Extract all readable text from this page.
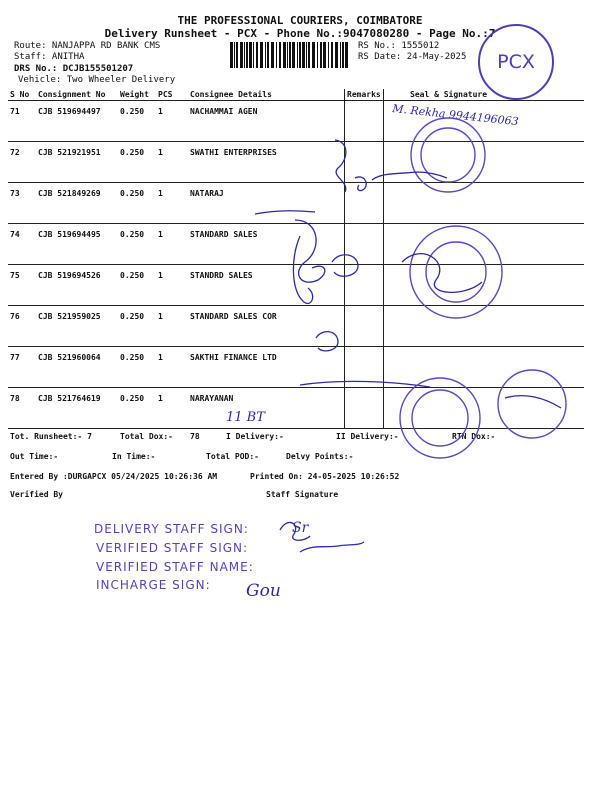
THE PROFESSIONAL COURIERS, COIMBATORE
Delivery Runsheet - PCX - Phone No.:9047080280 - Page No.:7
Route: NANJAPPA RD BANK CMS
Staff: ANITHA
DRS No.: DCJB155501207
Vehicle: Two Wheeler Delivery
RS No.: 1555012
RS Date: 24-May-2025	PCX
S No	Consignment No	Weight	PCS	Consignee Details	Remarks	Seal & Signature
71	CJB 519694497	0.250	1	NACHAMMAI AGEN		
72	CJB 521921951	0.250	1	SWATHI ENTERPRISES		
73	CJB 521849269	0.250	1	NATARAJ		
74	CJB 519694495	0.250	1	STANDARD SALES		
75	CJB 519694526	0.250	1	STANDRD SALES		
76	CJB 521959025	0.250	1	STANDARD SALES COR		
77	CJB 521960064	0.250	1	SAKTHI FINANCE LTD		
78	CJB 521764619	0.250	1	NARAYANAN		
Tot. Runsheet:- 7	Total Dox:- 78	I Delivery:-	II Delivery:-	RTN Dox:-
Out Time:-	In Time:-	Total POD:-	Delvy Points:-
Entered By :DURGAPCX 05/24/2025 10:26:36 AM	Printed On: 24-05-2025 10:26:52
Verified By	Staff Signature
DELIVERY STAFF SIGN:
VERIFIED STAFF SIGN:
VERIFIED STAFF NAME:
INCHARGE SIGN:
M. Rekha 9944196063
11 BT
Sr
Gou
